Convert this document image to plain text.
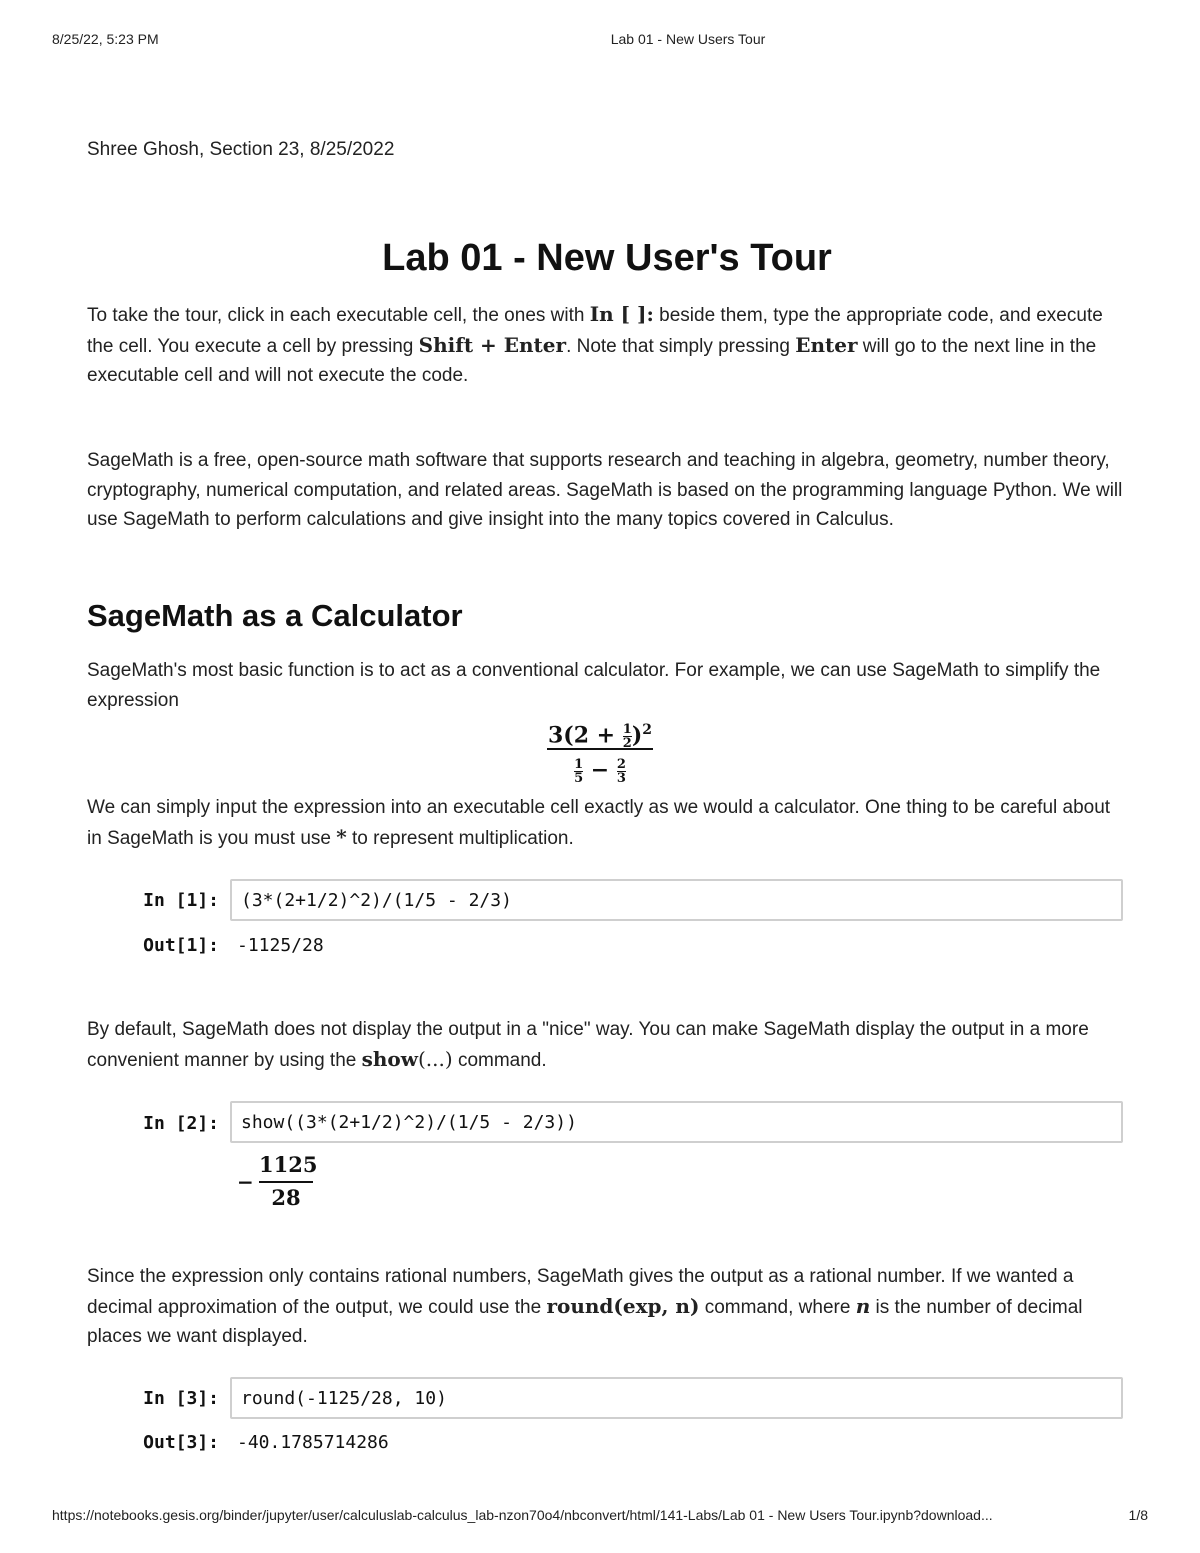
8/25/22, 5:23 PM	Lab 01 - New Users Tour
Shree Ghosh, Section 23, 8/25/2022
Lab 01 - New User's Tour
To take the tour, click in each executable cell, the ones with In [ ]: beside them, type the appropriate code, and execute the cell. You execute a cell by pressing Shift + Enter. Note that simply pressing Enter will go to the next line in the executable cell and will not execute the code.
SageMath is a free, open-source math software that supports research and teaching in algebra, geometry, number theory, cryptography, numerical computation, and related areas. SageMath is based on the programming language Python. We will use SageMath to perform calculations and give insight into the many topics covered in Calculus.
SageMath as a Calculator
SageMath's most basic function is to act as a conventional calculator. For example, we can use SageMath to simplify the expression
$3(2 + \frac{1}{2} )^2$
$\frac{1}{5} - \frac{2}{3}$
We can simply input the expression into an executable cell exactly as we would a calculator. One thing to be careful about in SageMath is you must use * to represent multiplication.
In [1]: (3*(2+1/2)^2)/(1/5 - 2/3)
Out[1]: -1125/28
By default, SageMath does not display the output in a "nice" way. You can make SageMath display the output in a more convenient manner by using the show(...) command.
In [2]: show((3*(2+1/2)^2)/(1/5 - 2/3))
−
1125
28
Since the expression only contains rational numbers, SageMath gives the output as a rational number. If we wanted a decimal approximation of the output, we could use the round(exp, n) command, where n is the number of decimal places we want displayed.
In [3]: round(-1125/28, 10)
Out[3]: -40.1785714286
https://notebooks.gesis.org/binder/jupyter/user/calculuslab-calculus_lab-nzon70o4/nbconvert/html/141-Labs/Lab 01 - New Users Tour.ipynb?download...	1/8
